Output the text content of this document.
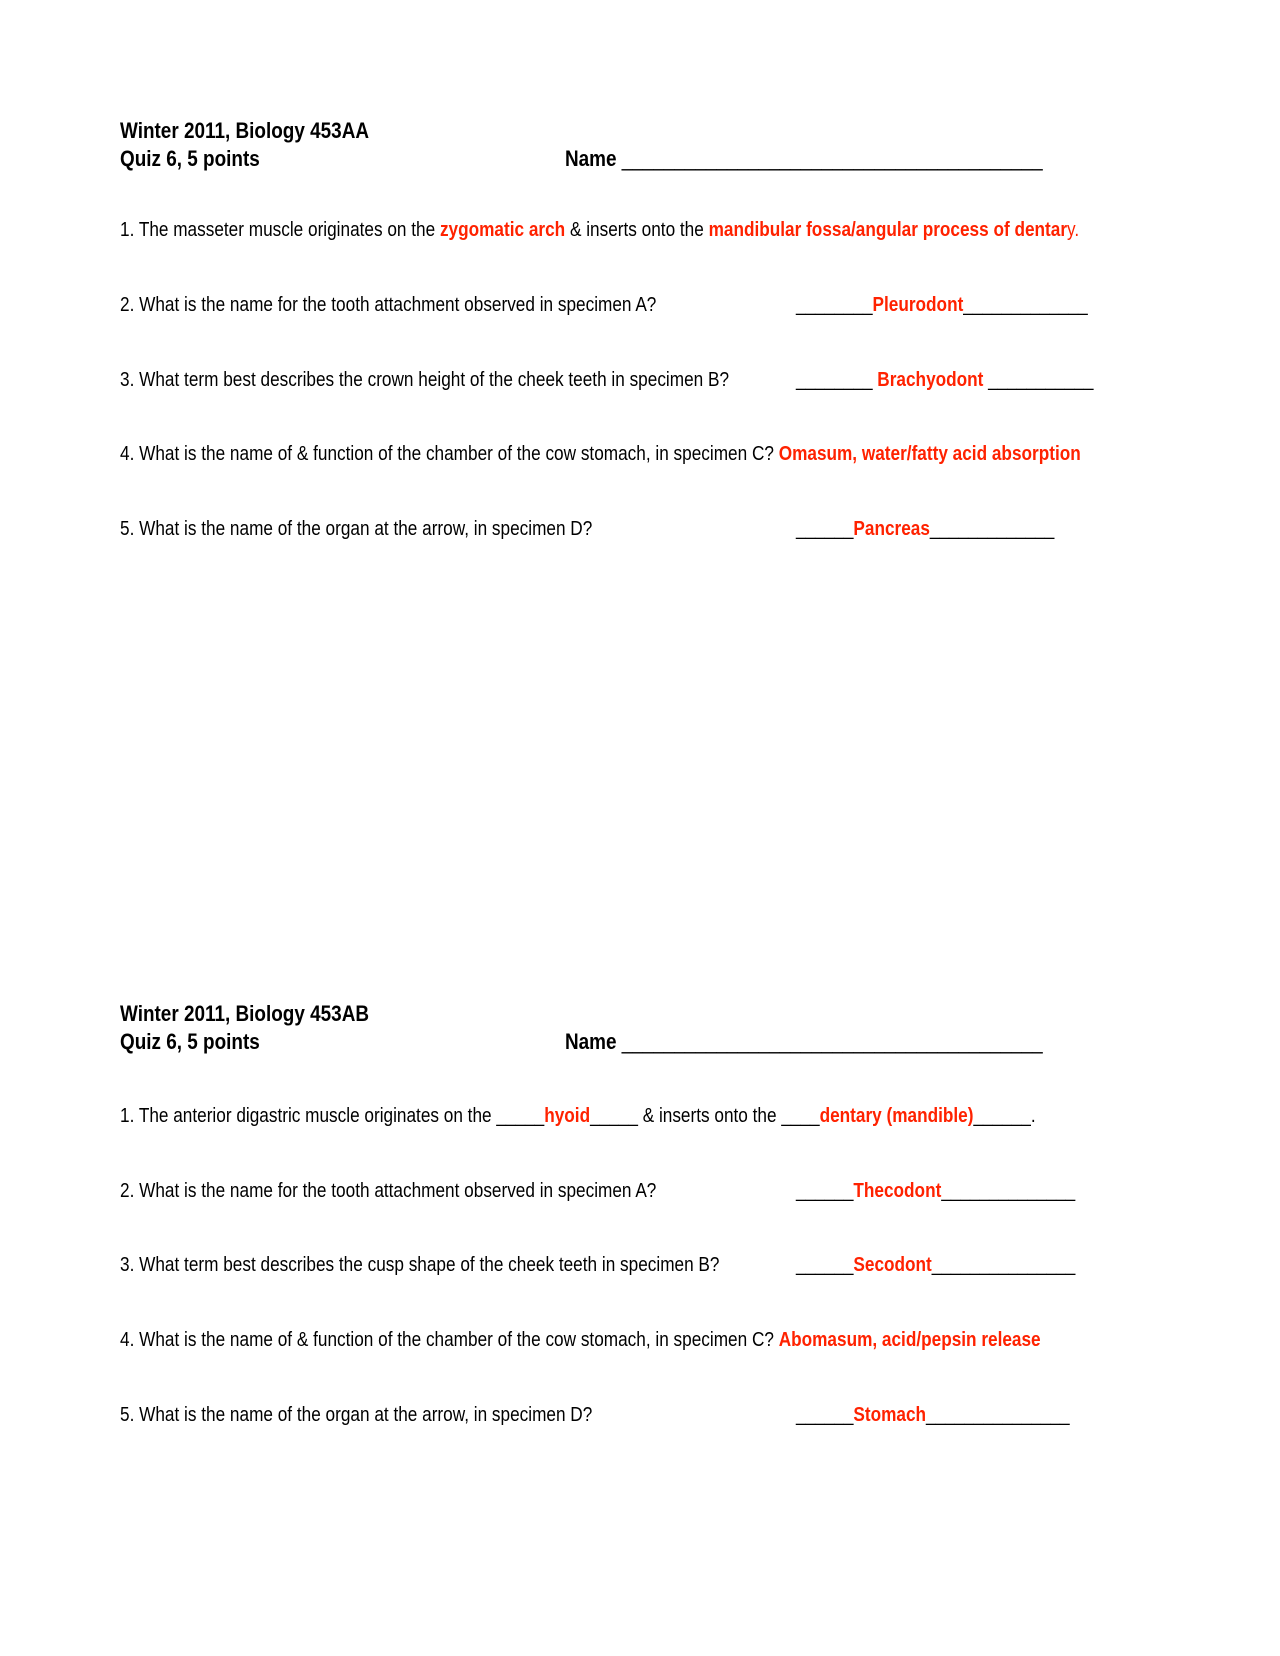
Winter 2011, Biology 453AA
Quiz 6, 5 points	Name ________________________________________
1. The masseter muscle originates on the zygomatic arch & inserts onto the mandibular fossa/angular process of dentary.
2. What is the name for the tooth attachment observed in specimen A?	________Pleurodont_____________
3. What term best describes the crown height of the cheek teeth in specimen B?	________ Brachyodont ___________
4. What is the name of & function of the chamber of the cow stomach, in specimen C? Omasum, water/fatty acid absorption
5. What is the name of the organ at the arrow, in specimen D?	______Pancreas_____________
Winter 2011, Biology 453AB
Quiz 6, 5 points	Name ________________________________________
1. The anterior digastric muscle originates on the _____hyoid_____ & inserts onto the ____dentary (mandible)______.
2. What is the name for the tooth attachment observed in specimen A?	______Thecodont______________
3. What term best describes the cusp shape of the cheek teeth in specimen B?	______Secodont_______________
4. What is the name of & function of the chamber of the cow stomach, in specimen C? Abomasum, acid/pepsin release
5. What is the name of the organ at the arrow, in specimen D?	______Stomach_______________
